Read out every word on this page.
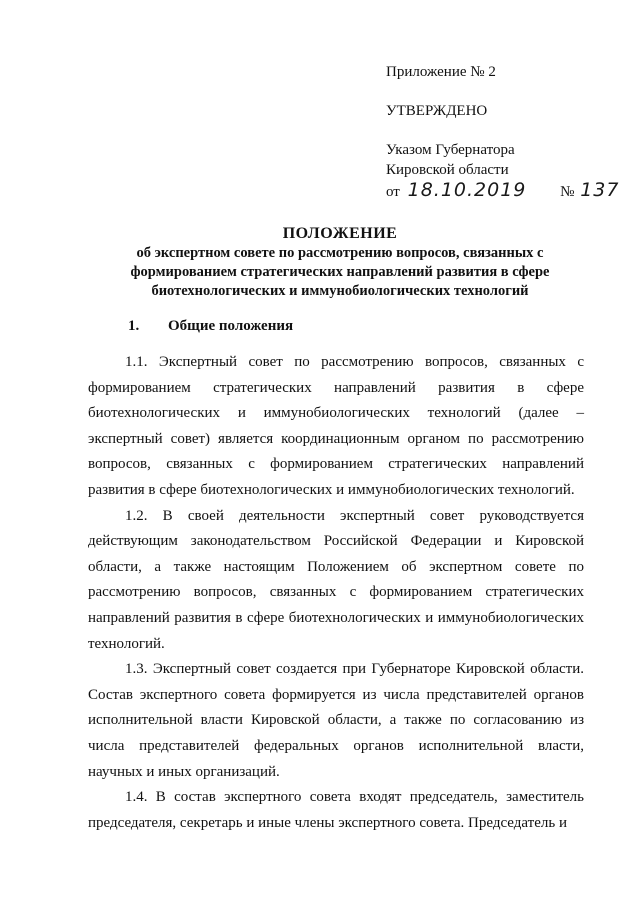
Приложение № 2
УТВЕРЖДЕНО
Указом Губернатора
Кировской области
от 18.10.2019 № 137
ПОЛОЖЕНИЕ
об экспертном совете по рассмотрению вопросов, связанных с
формированием стратегических направлений развития в сфере
биотехнологических и иммунобиологических технологий
1. Общие положения

1.1. Экспертный совет по рассмотрению вопросов, связанных с формированием стратегических направлений развития в сфере биотехнологических и иммунобиологических технологий (далее – экспертный совет) является координационным органом по рассмотрению вопросов, связанных с формированием стратегических направлений развития в сфере биотехнологических и иммунобиологических технологий.

1.2. В своей деятельности экспертный совет руководствуется действующим законодательством Российской Федерации и Кировской области, а также настоящим Положением об экспертном совете по рассмотрению вопросов, связанных с формированием стратегических направлений развития в сфере биотехнологических и иммунобиологических технологий.

1.3. Экспертный совет создается при Губернаторе Кировской области. Состав экспертного совета формируется из числа представителей органов исполнительной власти Кировской области, а также по согласованию из числа представителей федеральных органов исполнительной власти, научных и иных организаций.

1.4. В состав экспертного совета входят председатель, заместитель председателя, секретарь и иные члены экспертного совета. Председатель и
